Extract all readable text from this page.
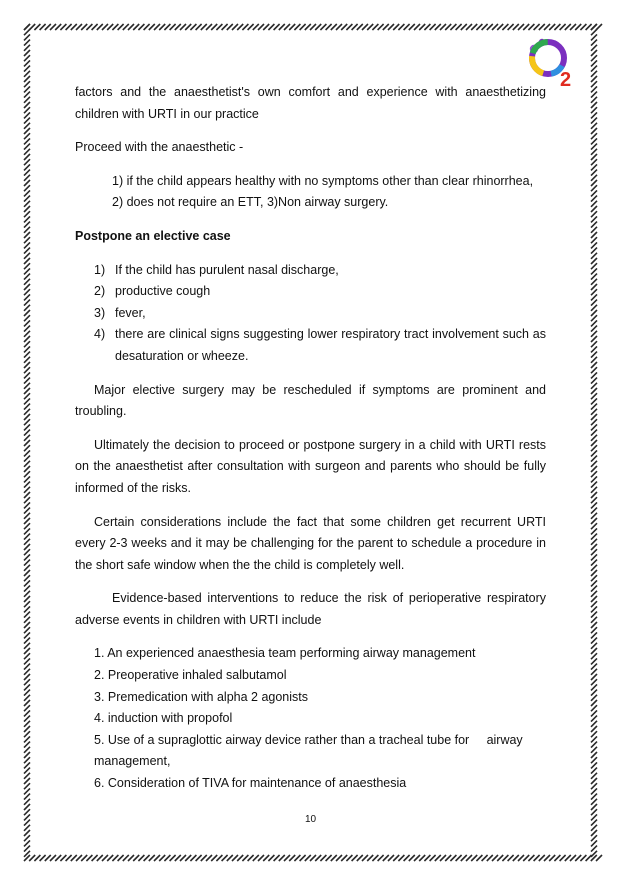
2

factors and the anaesthetist's own comfort and experience with anaesthetizing children with URTI in our practice

Proceed with the anaesthetic -

1) if the child appears healthy with no symptoms other than clear rhinorrhea,
2) does not require an ETT, 3)Non airway surgery.

Postpone an elective case

1) If the child has purulent nasal discharge,
2) productive cough
3) fever,
4) there are clinical signs suggesting lower respiratory tract involvement such as desaturation or wheeze.

Major elective surgery may be rescheduled if symptoms are prominent and troubling.

Ultimately the decision to proceed or postpone surgery in a child with URTI rests on the anaesthetist after consultation with surgeon and parents who should be fully informed of the risks.

Certain considerations include the fact that some children get recurrent URTI every 2-3 weeks and it may be challenging for the parent to schedule a procedure in the short safe window when the the child is completely well.

Evidence-based interventions to reduce the risk of perioperative respiratory adverse events in children with URTI include

1. An experienced anaesthesia team performing airway management
2. Preoperative inhaled salbutamol
3. Premedication with alpha 2 agonists
4. induction with propofol
5. Use of a supraglottic airway device rather than a tracheal tube for     airway management,
6. Consideration of TIVA for maintenance of anaesthesia
10
